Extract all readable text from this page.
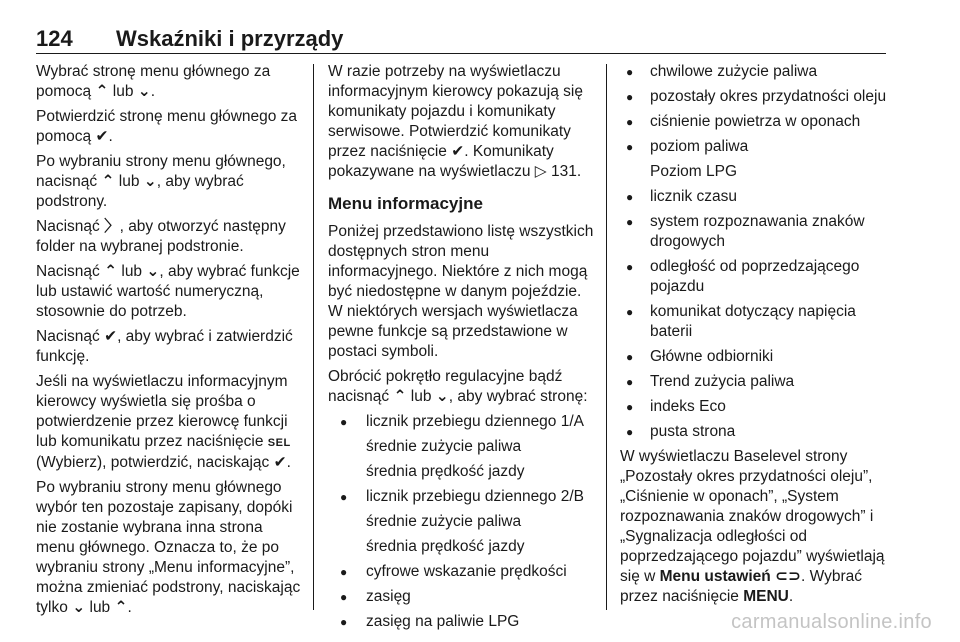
124	Wskaźniki i przyrządy

Wybrać stronę menu głównego za pomocą ⌃ lub ⌄.

Potwierdzić stronę menu głównego za pomocą ✔.

Po wybraniu strony menu głównego, nacisnąć ⌃ lub ⌄, aby wybrać podstrony.

Nacisnąć 〉, aby otworzyć następny folder na wybranej podstronie.

Nacisnąć ⌃ lub ⌄, aby wybrać funkcje lub ustawić wartość numeryczną, stosownie do potrzeb.

Nacisnąć ✔, aby wybrać i zatwierdzić funkcję.

Jeśli na wyświetlaczu informacyjnym kierowcy wyświetla się prośba o potwierdzenie przez kierowcę funkcji lub komunikatu przez naciśnięcie SEL (Wybierz), potwierdzić, naciskając ✔.

Po wybraniu strony menu głównego wybór ten pozostaje zapisany, dopóki nie zostanie wybrana inna strona menu głównego. Oznacza to, że po wybraniu strony „Menu informacyjne”, można zmieniać podstrony, naciskając tylko ⌄ lub ⌃.

W razie potrzeby na wyświetlaczu informacyjnym kierowcy pokazują się komunikaty pojazdu i komunikaty serwisowe. Potwierdzić komunikaty przez naciśnięcie ✔. Komunikaty pokazywane na wyświetlaczu ▷ 131.

Menu informacyjne

Poniżej przedstawiono listę wszystkich dostępnych stron menu informacyjnego. Niektóre z nich mogą być niedostępne w danym pojeździe. W niektórych wersjach wyświetlacza pewne funkcje są przedstawione w postaci symboli.

Obrócić pokrętło regulacyjne bądź nacisnąć ⌃ lub ⌄, aby wybrać stronę:

● licznik przebiegu dziennego 1/A
średnie zużycie paliwa
średnia prędkość jazdy
● licznik przebiegu dziennego 2/B
średnie zużycie paliwa
średnia prędkość jazdy
● cyfrowe wskazanie prędkości
● zasięg
● zasięg na paliwie LPG
● chwilowe zużycie paliwa
● pozostały okres przydatności oleju
● ciśnienie powietrza w oponach
● poziom paliwa
Poziom LPG
● licznik czasu
● system rozpoznawania znaków drogowych
● odległość od poprzedzającego pojazdu
● komunikat dotyczący napięcia baterii
● Główne odbiorniki
● Trend zużycia paliwa
● indeks Eco
● pusta strona

W wyświetlaczu Baselevel strony „Pozostały okres przydatności oleju”, „Ciśnienie w oponach”, „System rozpoznawania znaków drogowych” i „Sygnalizacja odległości od poprzedzającego pojazdu” wyświetlają się w Menu ustawień ⊂⊃. Wybrać przez naciśnięcie MENU.

carmanualsonline.info
